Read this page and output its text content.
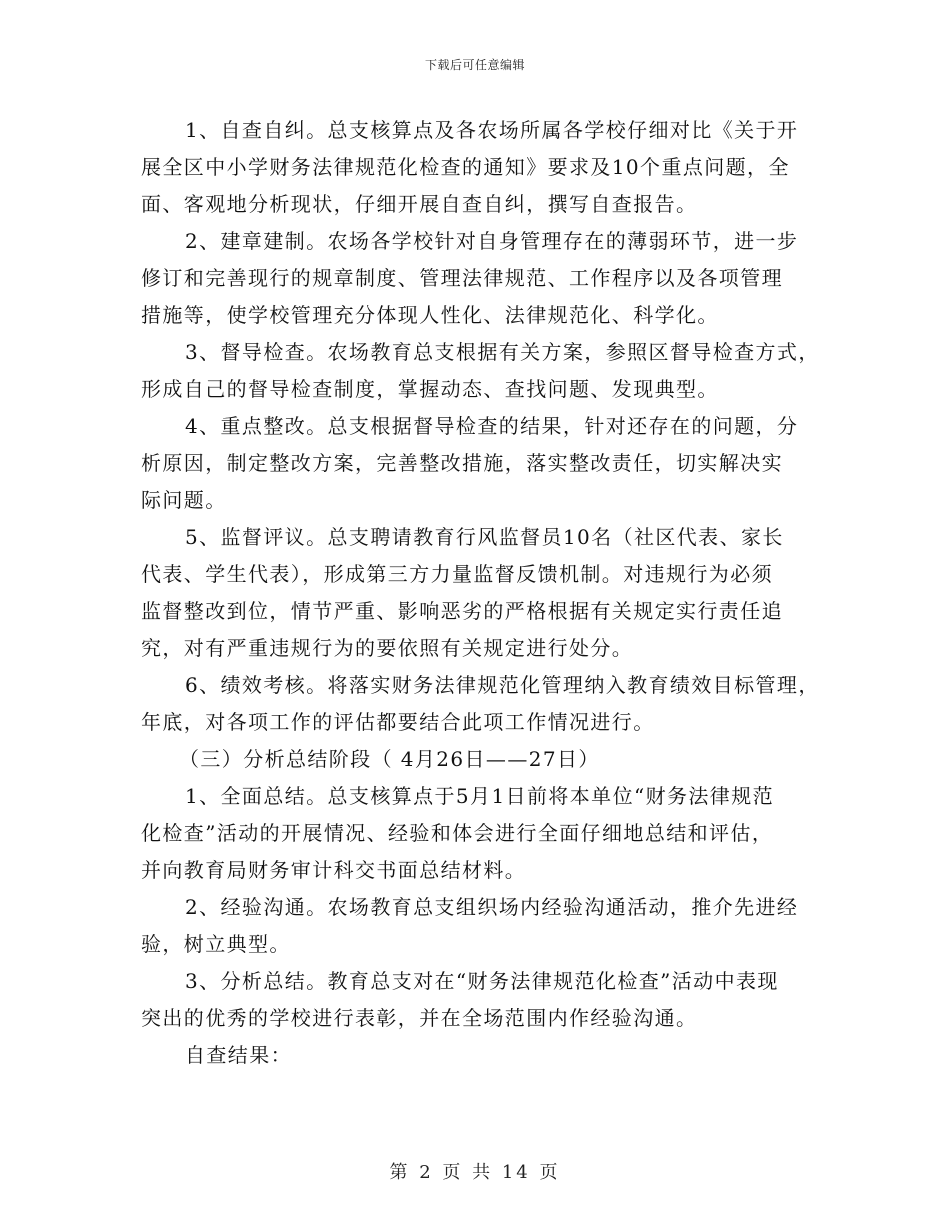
下载后可任意编辑
1、自查自纠。总支核算点及各农场所属各学校仔细对比《关于开
展全区中小学财务法律规范化检查的通知》要求及10个重点问题，全
面、客观地分析现状，仔细开展自查自纠，撰写自查报告。
2、建章建制。农场各学校针对自身管理存在的薄弱环节，进一步
修订和完善现行的规章制度、管理法律规范、工作程序以及各项管理
措施等，使学校管理充分体现人性化、法律规范化、科学化。
3、督导检查。农场教育总支根据有关方案，参照区督导检查方式，
形成自己的督导检查制度，掌握动态、查找问题、发现典型。
4、重点整改。总支根据督导检查的结果，针对还存在的问题，分
析原因，制定整改方案，完善整改措施，落实整改责任，切实解决实
际问题。
5、监督评议。总支聘请教育行风监督员10名（社区代表、家长
代表、学生代表），形成第三方力量监督反馈机制。对违规行为必须
监督整改到位，情节严重、影响恶劣的严格根据有关规定实行责任追
究，对有严重违规行为的要依照有关规定进行处分。
6、绩效考核。将落实财务法律规范化管理纳入教育绩效目标管理，
年底，对各项工作的评估都要结合此项工作情况进行。
（三）分析总结阶段（ 4月26日——27日）
1、全面总结。总支核算点于5月1日前将本单位“财务法律规范
化检查”活动的开展情况、经验和体会进行全面仔细地总结和评估，
并向教育局财务审计科交书面总结材料。
2、经验沟通。农场教育总支组织场内经验沟通活动，推介先进经
验，树立典型。
3、分析总结。教育总支对在“财务法律规范化检查”活动中表现
突出的优秀的学校进行表彰，并在全场范围内作经验沟通。
自查结果：
第 2 页 共 14 页
